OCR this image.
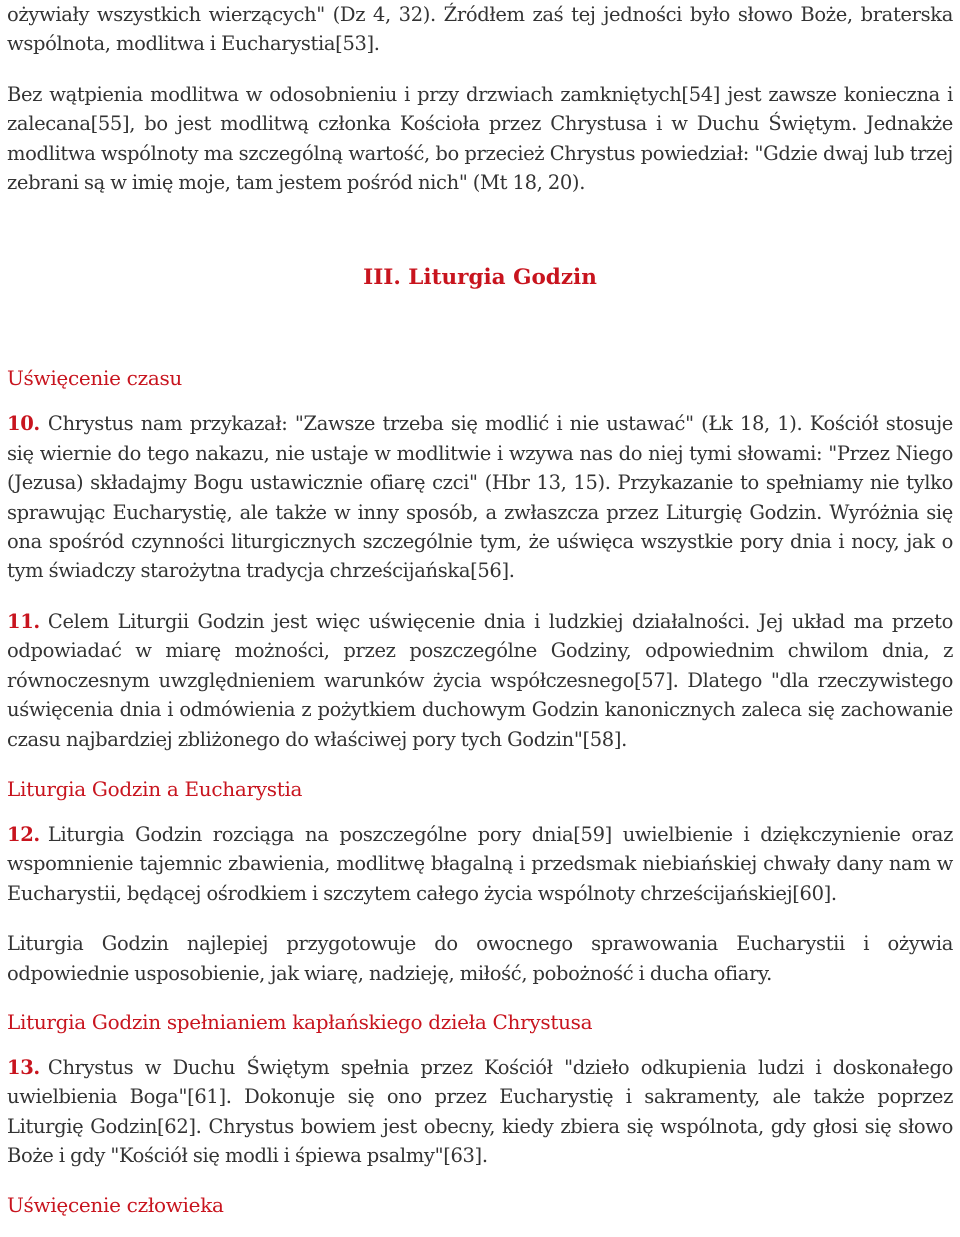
ożywiały wszystkich wierzących" (Dz 4, 32). Źródłem zaś tej jedności było słowo Boże, braterska wspólnota, modlitwa i Eucharystia[53].

Bez wątpienia modlitwa w odosobnieniu i przy drzwiach zamkniętych[54] jest zawsze konieczna i zalecana[55], bo jest modlitwą członka Kościoła przez Chrystusa i w Duchu Świętym. Jednakże modlitwa wspólnoty ma szczególną wartość, bo przecież Chrystus powiedział: "Gdzie dwaj lub trzej zebrani są w imię moje, tam jestem pośród nich" (Mt 18, 20).

III. Liturgia Godzin
Uświęcenie czasu

10. Chrystus nam przykazał: "Zawsze trzeba się modlić i nie ustawać" (Łk 18, 1). Kościół stosuje się wiernie do tego nakazu, nie ustaje w modlitwie i wzywa nas do niej tymi słowami: "Przez Niego (Jezusa) składajmy Bogu ustawicznie ofiarę czci" (Hbr 13, 15). Przykazanie to spełniamy nie tylko sprawując Eucharystię, ale także w inny sposób, a zwłaszcza przez Liturgię Godzin. Wyróżnia się ona spośród czynności liturgicznych szczególnie tym, że uświęca wszystkie pory dnia i nocy, jak o tym świadczy starożytna tradycja chrześcijańska[56].

11. Celem Liturgii Godzin jest więc uświęcenie dnia i ludzkiej działalności. Jej układ ma przeto odpowiadać w miarę możności, przez poszczególne Godziny, odpowiednim chwilom dnia, z równoczesnym uwzględnieniem warunków życia współczesnego[57]. Dlatego "dla rzeczywistego uświęcenia dnia i odmówienia z pożytkiem duchowym Godzin kanonicznych zaleca się zachowanie czasu najbardziej zbliżonego do właściwej pory tych Godzin"[58].

Liturgia Godzin a Eucharystia

12. Liturgia Godzin rozciąga na poszczególne pory dnia[59] uwielbienie i dziękczynienie oraz wspomnienie tajemnic zbawienia, modlitwę błagalną i przedsmak niebiańskiej chwały dany nam w Eucharystii, będącej ośrodkiem i szczytem całego życia wspólnoty chrześcijańskiej[60].

Liturgia Godzin najlepiej przygotowuje do owocnego sprawowania Eucharystii i ożywia odpowiednie usposobienie, jak wiarę, nadzieję, miłość, pobożność i ducha ofiary.

Liturgia Godzin spełnianiem kapłańskiego dzieła Chrystusa

13. Chrystus w Duchu Świętym spełnia przez Kościół "dzieło odkupienia ludzi i doskonałego uwielbienia Boga"[61]. Dokonuje się ono przez Eucharystię i sakramenty, ale także poprzez Liturgię Godzin[62]. Chrystus bowiem jest obecny, kiedy zbiera się wspólnota, gdy głosi się słowo Boże i gdy "Kościół się modli i śpiewa psalmy"[63].

Uświęcenie człowieka
